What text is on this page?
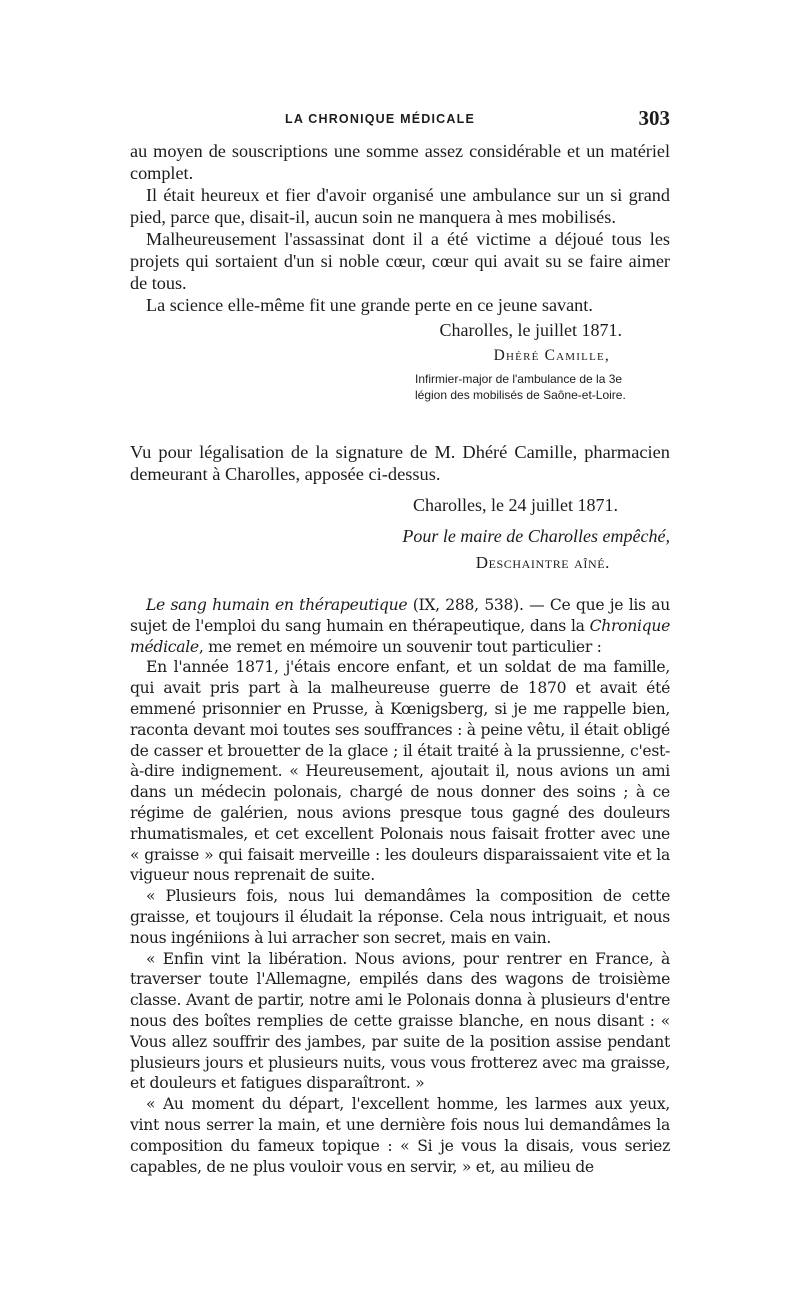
LA CHRONIQUE MÉDICALE	303

au moyen de souscriptions une somme assez considérable et un matériel complet.

Il était heureux et fier d'avoir organisé une ambulance sur un si grand pied, parce que, disait-il, aucun soin ne manquera à mes mobilisés.

Malheureusement l'assassinat dont il a été victime a déjoué tous les projets qui sortaient d'un si noble cœur, cœur qui avait su se faire aimer de tous.

La science elle-même fit une grande perte en ce jeune savant.

Charolles, le juillet 1871.

Dhéré Camille,

Infirmier-major de l'ambulance de la 3e

légion des mobilisés de Saône-et-Loire.

Vu pour légalisation de la signature de M. Dhéré Camille, pharmacien demeurant à Charolles, apposée ci-dessus.

Charolles, le 24 juillet 1871.

Pour le maire de Charolles empêché,

Deschaintre aîné.

Le sang humain en thérapeutique (IX, 288, 538). — Ce que je lis au sujet de l'emploi du sang humain en thérapeutique, dans la Chronique médicale, me remet en mémoire un souvenir tout particulier :

En l'année 1871, j'étais encore enfant, et un soldat de ma famille, qui avait pris part à la malheureuse guerre de 1870 et avait été emmené prisonnier en Prusse, à Kœnigsberg, si je me rappelle bien, raconta devant moi toutes ses souffrances : à peine vêtu, il était obligé de casser et brouetter de la glace ; il était traité à la prussienne, c'est-à-dire indignement. « Heureusement, ajoutait il, nous avions un ami dans un médecin polonais, chargé de nous donner des soins ; à ce régime de galérien, nous avions presque tous gagné des douleurs rhumatismales, et cet excellent Polonais nous faisait frotter avec une « graisse » qui faisait merveille : les douleurs disparaissaient vite et la vigueur nous reprenait de suite.

« Plusieurs fois, nous lui demandâmes la composition de cette graisse, et toujours il éludait la réponse. Cela nous intriguait, et nous nous ingéniions à lui arracher son secret, mais en vain.

« Enfin vint la libération. Nous avions, pour rentrer en France, à traverser toute l'Allemagne, empilés dans des wagons de troisième classe. Avant de partir, notre ami le Polonais donna à plusieurs d'entre nous des boîtes remplies de cette graisse blanche, en nous disant : « Vous allez souffrir des jambes, par suite de la position assise pendant plusieurs jours et plusieurs nuits, vous vous frotterez avec ma graisse, et douleurs et fatigues disparaîtront. »

« Au moment du départ, l'excellent homme, les larmes aux yeux, vint nous serrer la main, et une dernière fois nous lui demandâmes la composition du fameux topique : « Si je vous la disais, vous seriez capables, de ne plus vouloir vous en servir, » et, au milieu de
